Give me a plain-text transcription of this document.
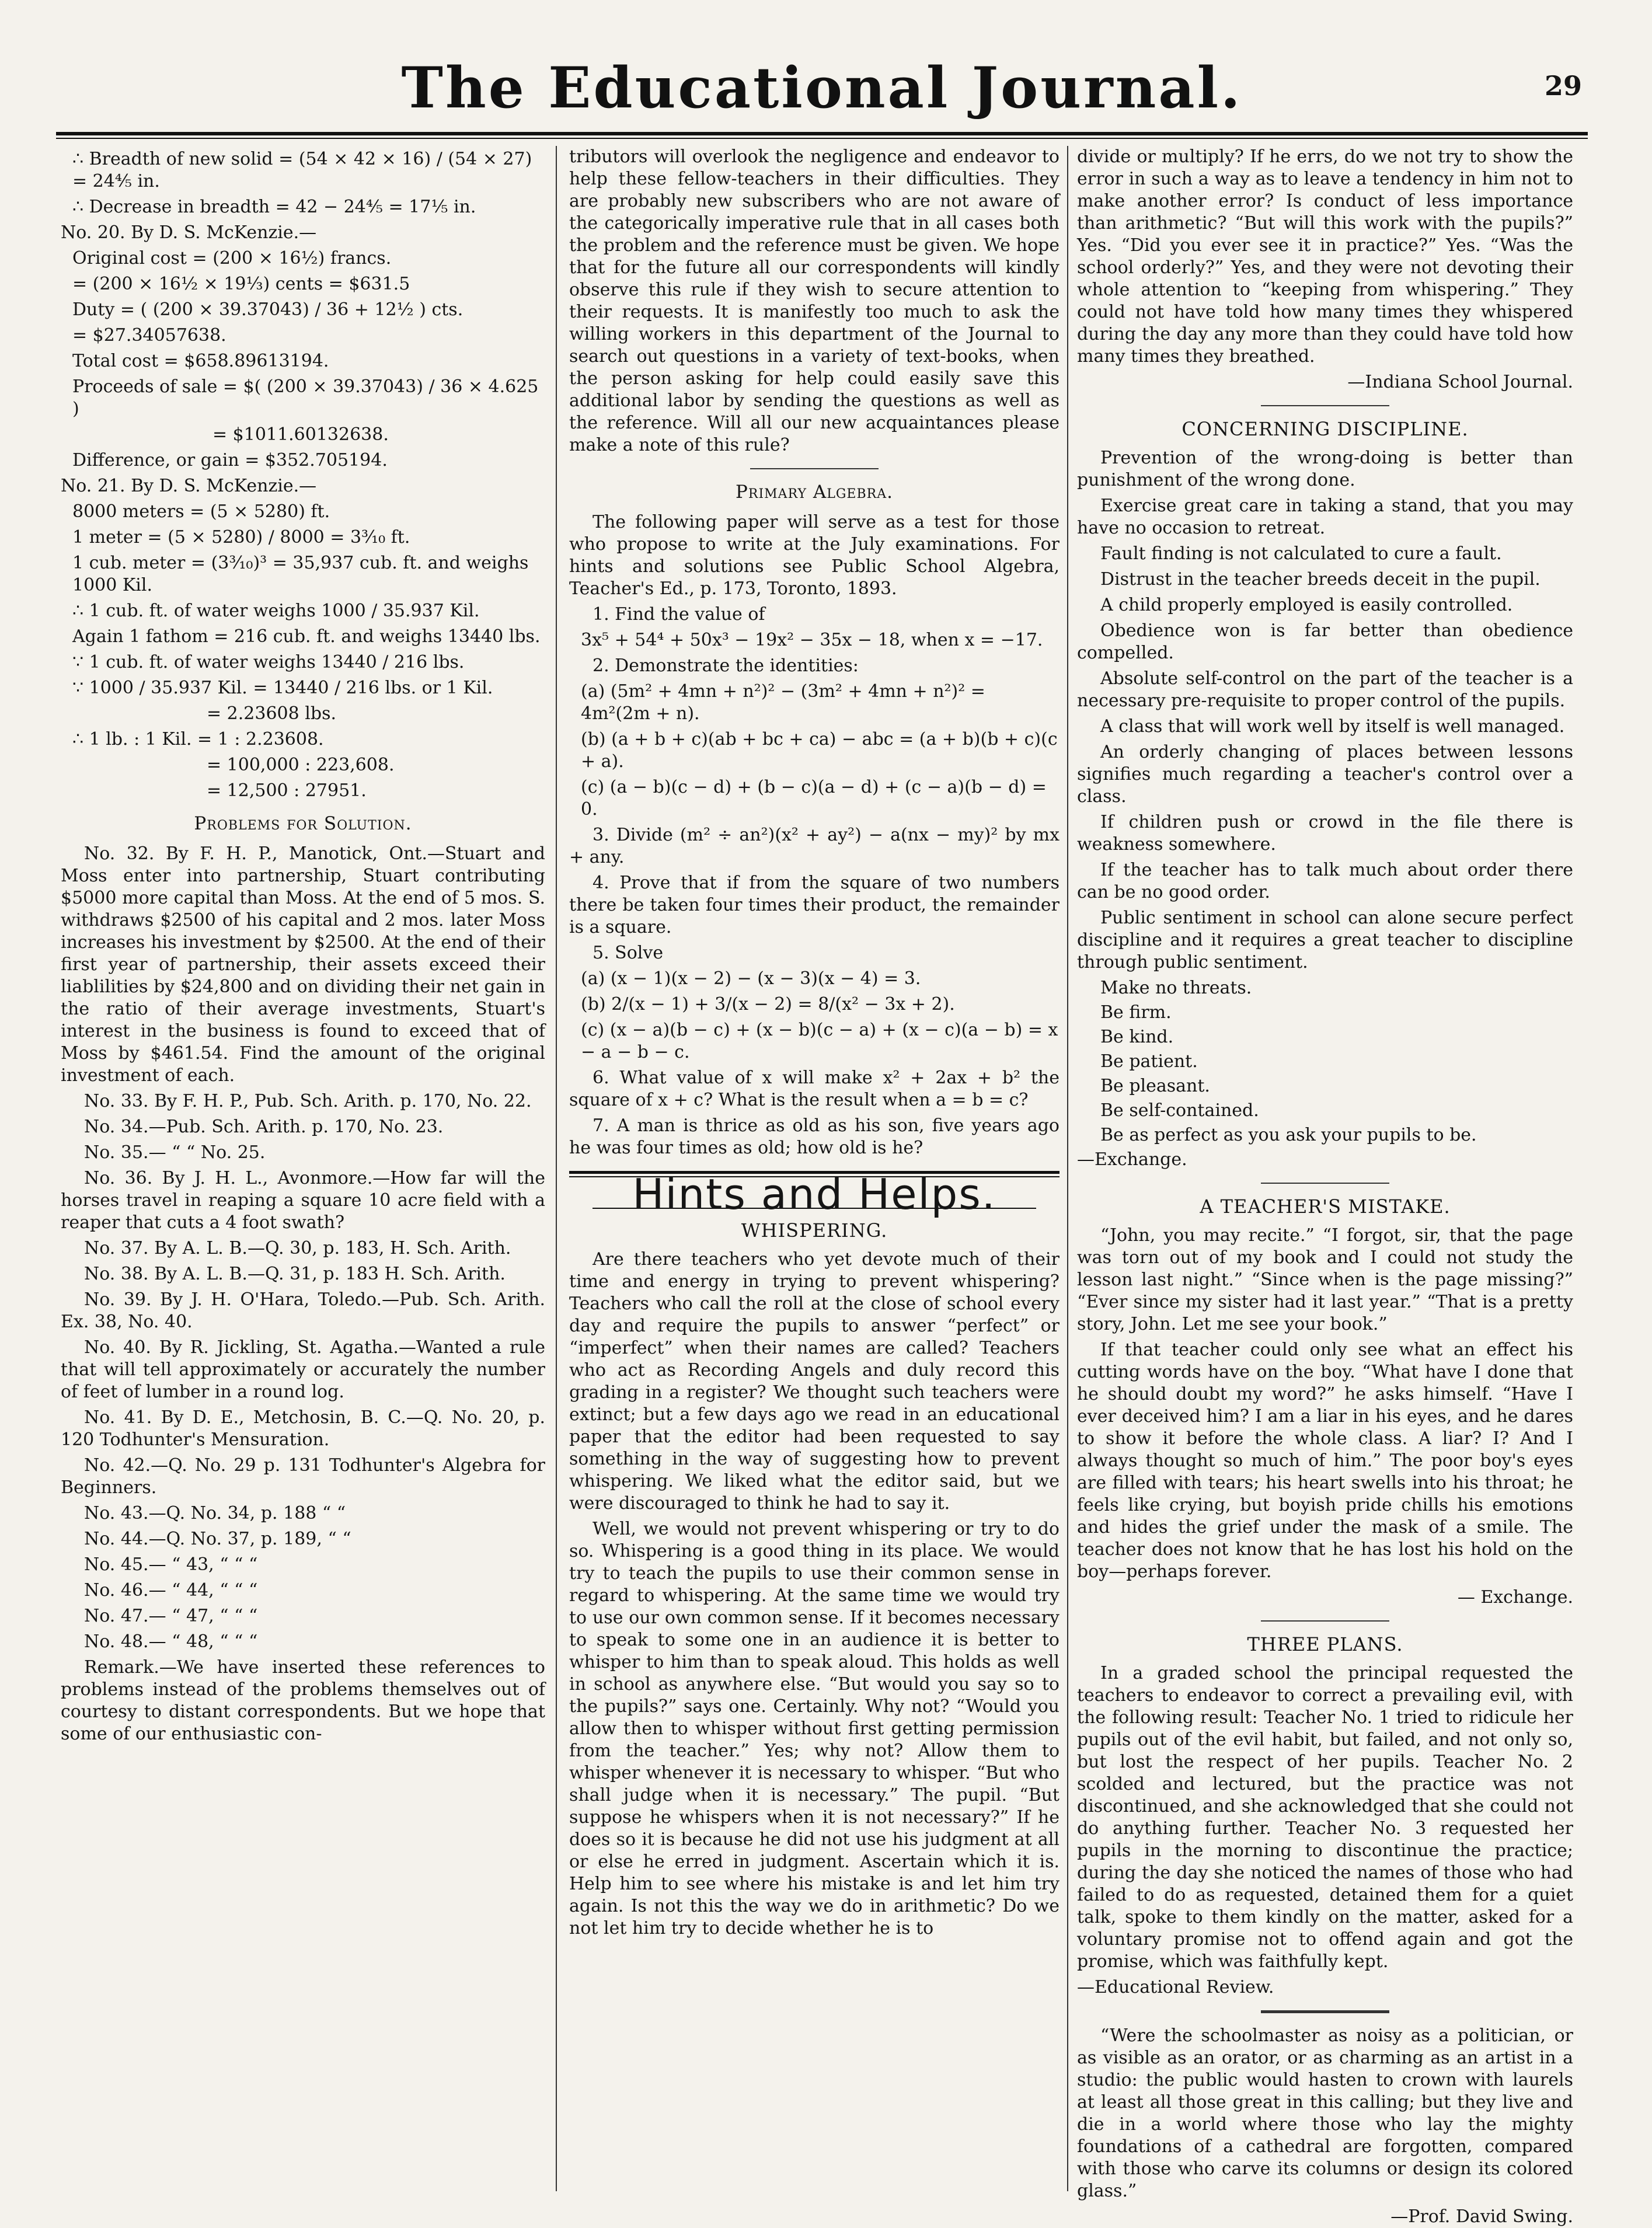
The Educational Journal.	29

∴ Breadth of new solid = (54 × 42 × 16) / (54 × 27) = 24⅘ in.

∴ Decrease in breadth = 42 − 24⅘ = 17⅕ in.

No. 20. By D. S. McKenzie.—

Original cost = (200 × 16½) francs.

= (200 × 16½ × 19⅓) cents = $631.5

Duty = ( (200 × 39.37043) / 36 + 12½ ) cts.

= $27.34057638.

Total cost = $658.89613194.

Proceeds of sale = $( (200 × 39.37043) / 36 × 4.625 )

= $1011.60132638.

Difference, or gain = $352.705194.

No. 21. By D. S. McKenzie.—

8000 meters = (5 × 5280) ft.

1 meter = (5 × 5280) / 8000 = 3³⁄₁₀ ft.

1 cub. meter = (3³⁄₁₀)³ = 35,937 cub. ft. and weighs 1000 Kil.

∴ 1 cub. ft. of water weighs 1000 / 35.937 Kil.

Again 1 fathom = 216 cub. ft. and weighs 13440 lbs.

∵ 1 cub. ft. of water weighs 13440 / 216 lbs.

∵ 1000 / 35.937 Kil. = 13440 / 216 lbs. or 1 Kil.

= 2.23608 lbs.

∴ 1 lb. : 1 Kil. = 1 : 2.23608.

= 100,000 : 223,608.

= 12,500 : 27951.

Problems for Solution.

No. 32. By F. H. P., Manotick, Ont.—Stuart and Moss enter into partnership, Stuart contributing $5000 more capital than Moss. At the end of 5 mos. S. withdraws $2500 of his capital and 2 mos. later Moss increases his investment by $2500. At the end of their first year of partnership, their assets exceed their liablilities by $24,800 and on dividing their net gain in the ratio of their average investments, Stuart's interest in the business is found to exceed that of Moss by $461.54. Find the amount of the original investment of each.

No. 33. By F. H. P., Pub. Sch. Arith. p. 170, No. 22.

No. 34.—Pub. Sch. Arith. p. 170, No. 23.

No. 35.— “ “ No. 25.

No. 36. By J. H. L., Avonmore.—How far will the horses travel in reaping a square 10 acre field with a reaper that cuts a 4 foot swath?

No. 37. By A. L. B.—Q. 30, p. 183, H. Sch. Arith.

No. 38. By A. L. B.—Q. 31, p. 183 H. Sch. Arith.

No. 39. By J. H. O'Hara, Toledo.—Pub. Sch. Arith. Ex. 38, No. 40.

No. 40. By R. Jickling, St. Agatha.—Wanted a rule that will tell approximately or accurately the number of feet of lumber in a round log.

No. 41. By D. E., Metchosin, B. C.—Q. No. 20, p. 120 Todhunter's Mensuration.

No. 42.—Q. No. 29 p. 131 Todhunter's Algebra for Beginners.

No. 43.—Q. No. 34, p. 188 “ “

No. 44.—Q. No. 37, p. 189, “ “

No. 45.— “ 43, “ “ “

No. 46.— “ 44, “ “ “

No. 47.— “ 47, “ “ “

No. 48.— “ 48, “ “ “

Remark.—We have inserted these references to problems instead of the problems themselves out of courtesy to distant correspondents. But we hope that some of our enthusiastic con-

tributors will overlook the negligence and endeavor to help these fellow-teachers in their difficulties. They are probably new subscribers who are not aware of the categorically imperative rule that in all cases both the problem and the reference must be given. We hope that for the future all our correspondents will kindly observe this rule if they wish to secure attention to their requests. It is manifestly too much to ask the willing workers in this department of the Journal to search out questions in a variety of text-books, when the person asking for help could easily save this additional labor by sending the questions as well as the reference. Will all our new acquaintances please make a note of this rule?

Primary Algebra.

The following paper will serve as a test for those who propose to write at the July examinations. For hints and solutions see Public School Algebra, Teacher's Ed., p. 173, Toronto, 1893.

1. Find the value of

3x⁵ + 54⁴ + 50x³ − 19x² − 35x − 18, when x = −17.

2. Demonstrate the identities:

(a) (5m² + 4mn + n²)² − (3m² + 4mn + n²)² = 4m²(2m + n).

(b) (a + b + c)(ab + bc + ca) − abc = (a + b)(b + c)(c + a).

(c) (a − b)(c − d) + (b − c)(a − d) + (c − a)(b − d) = 0.

3. Divide (m² ÷ an²)(x² + ay²) − a(nx − my)² by mx + any.

4. Prove that if from the square of two numbers there be taken four times their product, the remainder is a square.

5. Solve

(a) (x − 1)(x − 2) − (x − 3)(x − 4) = 3.

(b) 2/(x − 1) + 3/(x − 2) = 8/(x² − 3x + 2).

(c) (x − a)(b − c) + (x − b)(c − a) + (x − c)(a − b) = x − a − b − c.

6. What value of x will make x² + 2ax + b² the square of x + c? What is the result when a = b = c?

7. A man is thrice as old as his son, five years ago he was four times as old; how old is he?

Hints and Helps.
WHISPERING.

Are there teachers who yet devote much of their time and energy in trying to prevent whispering? Teachers who call the roll at the close of school every day and require the pupils to answer “perfect” or “imperfect” when their names are called? Teachers who act as Recording Angels and duly record this grading in a register? We thought such teachers were extinct; but a few days ago we read in an educational paper that the editor had been requested to say something in the way of suggesting how to prevent whispering. We liked what the editor said, but we were discouraged to think he had to say it.

Well, we would not prevent whispering or try to do so. Whispering is a good thing in its place. We would try to teach the pupils to use their common sense in regard to whispering. At the same time we would try to use our own common sense. If it becomes necessary to speak to some one in an audience it is better to whisper to him than to speak aloud. This holds as well in school as anywhere else. “But would you say so to the pupils?” says one. Certainly. Why not? “Would you allow then to whisper without first getting permission from the teacher.” Yes; why not? Allow them to whisper whenever it is necessary to whisper. “But who shall judge when it is necessary.” The pupil. “But suppose he whispers when it is not necessary?” If he does so it is because he did not use his judgment at all or else he erred in judgment. Ascertain which it is. Help him to see where his mistake is and let him try again. Is not this the way we do in arithmetic? Do we not let him try to decide whether he is to

divide or multiply? If he errs, do we not try to show the error in such a way as to leave a tendency in him not to make another error? Is conduct of less importance than arithmetic? “But will this work with the pupils?” Yes. “Did you ever see it in practice?” Yes. “Was the school orderly?” Yes, and they were not devoting their whole attention to “keeping from whispering.” They could not have told how many times they whispered during the day any more than they could have told how many times they breathed.

—Indiana School Journal.

CONCERNING DISCIPLINE.

Prevention of the wrong-doing is better than punishment of the wrong done.

Exercise great care in taking a stand, that you may have no occasion to retreat.

Fault finding is not calculated to cure a fault.

Distrust in the teacher breeds deceit in the pupil.

A child properly employed is easily controlled.

Obedience won is far better than obedience compelled.

Absolute self-control on the part of the teacher is a necessary pre-requisite to proper control of the pupils.

A class that will work well by itself is well managed.

An orderly changing of places between lessons signifies much regarding a teacher's control over a class.

If children push or crowd in the file there is weakness somewhere.

If the teacher has to talk much about order there can be no good order.

Public sentiment in school can alone secure perfect discipline and it requires a great teacher to discipline through public sentiment.

Make no threats.

Be firm.

Be kind.

Be patient.

Be pleasant.

Be self-contained.

Be as perfect as you ask your pupils to be.

—Exchange.

A TEACHER'S MISTAKE.

“John, you may recite.” “I forgot, sir, that the page was torn out of my book and I could not study the lesson last night.” “Since when is the page missing?” “Ever since my sister had it last year.” “That is a pretty story, John. Let me see your book.”

If that teacher could only see what an effect his cutting words have on the boy. “What have I done that he should doubt my word?” he asks himself. “Have I ever deceived him? I am a liar in his eyes, and he dares to show it before the whole class. A liar? I? And I always thought so much of him.” The poor boy's eyes are filled with tears; his heart swells into his throat; he feels like crying, but boyish pride chills his emotions and hides the grief under the mask of a smile. The teacher does not know that he has lost his hold on the boy—perhaps forever.

— Exchange.

THREE PLANS.

In a graded school the principal requested the teachers to endeavor to correct a prevailing evil, with the following result: Teacher No. 1 tried to ridicule her pupils out of the evil habit, but failed, and not only so, but lost the respect of her pupils. Teacher No. 2 scolded and lectured, but the practice was not discontinued, and she acknowledged that she could not do anything further. Teacher No. 3 requested her pupils in the morning to discontinue the practice; during the day she noticed the names of those who had failed to do as requested, detained them for a quiet talk, spoke to them kindly on the matter, asked for a voluntary promise not to offend again and got the promise, which was faithfully kept.

—Educational Review.

“Were the schoolmaster as noisy as a politician, or as visible as an orator, or as charming as an artist in a studio: the public would hasten to crown with laurels at least all those great in this calling; but they live and die in a world where those who lay the mighty foundations of a cathedral are forgotten, compared with those who carve its columns or design its colored glass.”

—Prof. David Swing.
